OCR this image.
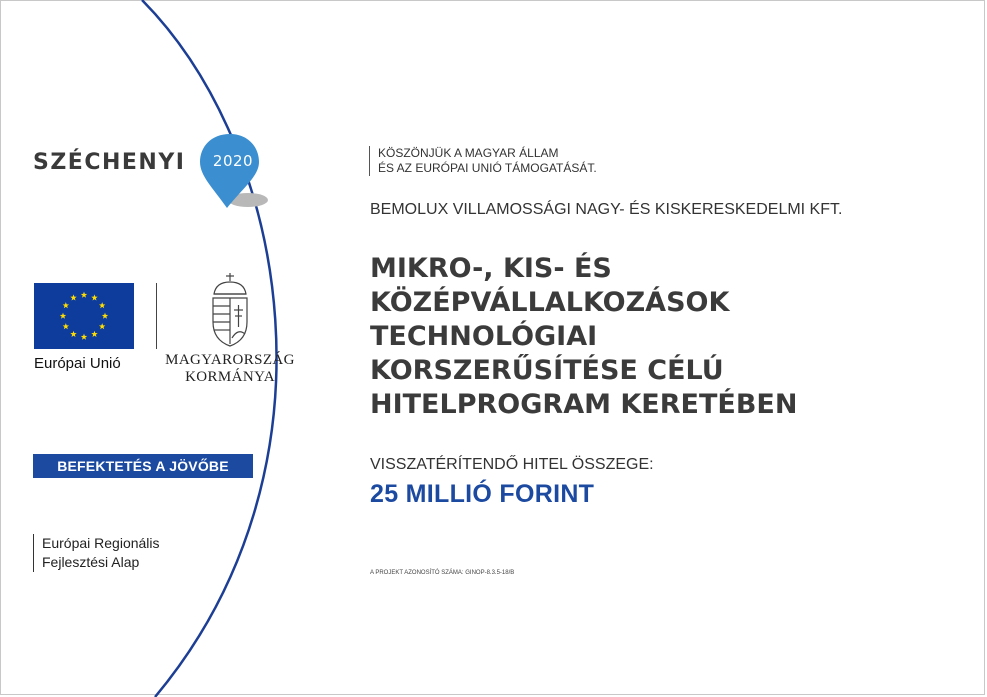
SZÉCHENYI	2020
Európai Unió	MAGYARORSZÁG
KORMÁNYA
BEFEKTETÉS A JÖVŐBE
Európai Regionális
Fejlesztési Alap
KÖSZÖNJÜK A MAGYAR ÁLLAM
ÉS AZ EURÓPAI UNIÓ TÁMOGATÁSÁT.
BEMOLUX VILLAMOSSÁGI NAGY- ÉS KISKERESKEDELMI KFT.
MIKRO-, KIS- ÉS
KÖZÉPVÁLLALKOZÁSOK
TECHNOLÓGIAI
KORSZERŰSÍTÉSE CÉLÚ
HITELPROGRAM KERETÉBEN
VISSZATÉRÍTENDŐ HITEL ÖSSZEGE:
25 MILLIÓ FORINT
A PROJEKT AZONOSÍTÓ SZÁMA: GINOP-8.3.5-18/B
